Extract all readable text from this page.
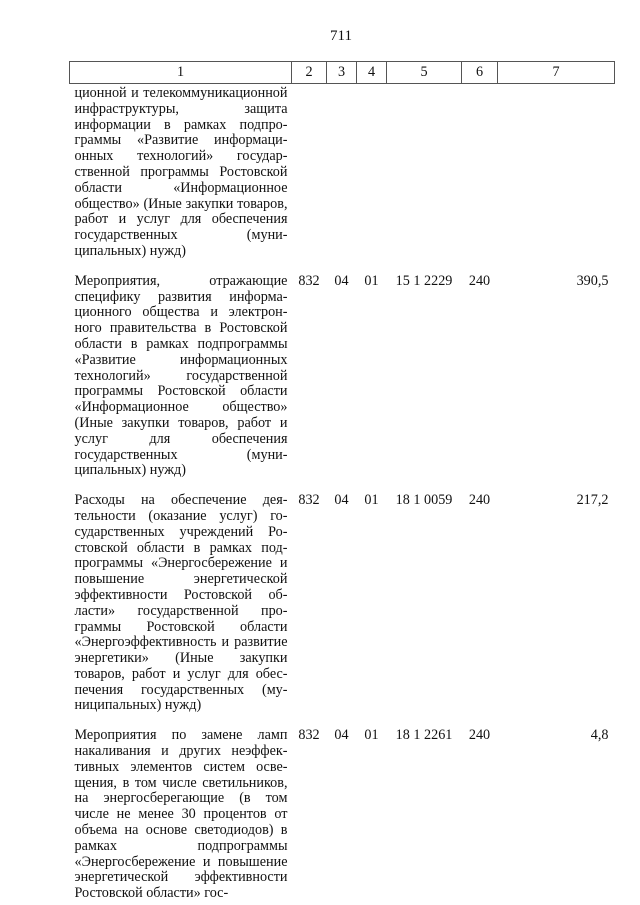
711
1	2	3	4	5	6	7
ционной и телекоммуникационной инфраструктуры, защита информации в рамках подпрограммы «Развитие информационных технологий» государственной программы Ростовской области «Информационное общество» (Иные закупки товаров, работ и услуг для обеспечения государственных (муниципальных) нужд)						

Мероприятия, отражающие специфику развития информационного общества и электронного правительства в Ростовской области в рамках подпрограммы «Развитие информационных технологий» государственной программы Ростовской области «Информационное общество» (Иные закупки товаров, работ и услуг для обеспечения государственных (муниципальных) нужд)	832	04	01	15 1 2229	240	390,5

Расходы на обеспечение деятельности (оказание услуг) государственных учреждений Ростовской области в рамках подпрограммы «Энергосбережение и повышение энергетической эффективности Ростовской области» государственной программы Ростовской области «Энергоэффективность и развитие энергетики» (Иные закупки товаров, работ и услуг для обеспечения государственных (муниципальных) нужд)	832	04	01	18 1 0059	240	217,2

Мероприятия по замене ламп накаливания и других неэффективных элементов систем освещения, в том числе светильников, на энергосберегающие (в том числе не менее 30 процентов от объема на основе светодиодов) в рамках подпрограммы «Энергосбережение и повышение энергетической эффективности Ростовской области» гос-	832	04	01	18 1 2261	240	4,8
